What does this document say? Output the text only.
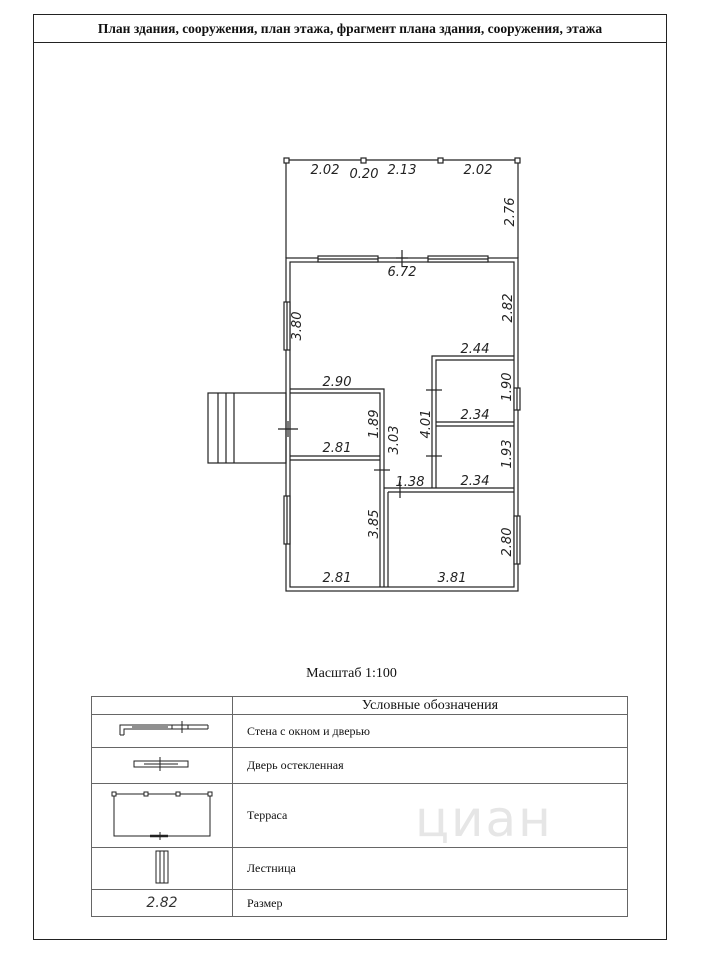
План здания, сооружения, план этажа, фрагмент плана здания, сооружения, этажа
циан
2.02 0.20 2.13	2.02
2.76
6.72
2.82
3.80
2.44
2.90
1.89
2.81	3.03
4.01 2.34
1.90
2.34
1.93
1.38
3.85
2.81	3.81
2.80
Масштаб 1:100
	Условные обозначения
	Стена с окном и дверью
	Дверь остекленная
	Терраса
	Лестница
2.82	Размер
